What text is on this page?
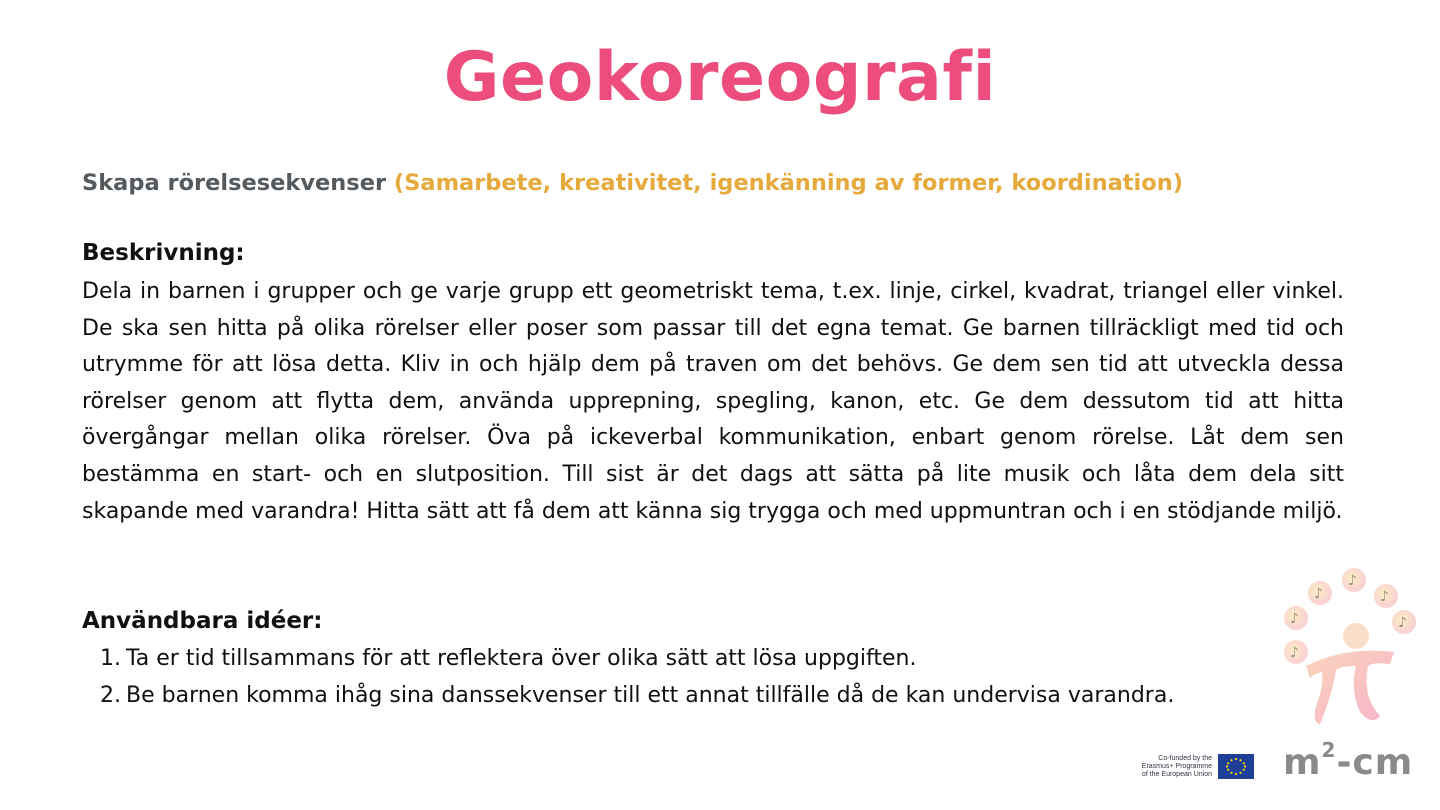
Geokoreografi
Skapa rörelsesekvenser (Samarbete, kreativitet, igenkänning av former, koordination)
Beskrivning:

Dela in barnen i grupper och ge varje grupp ett geometriskt tema, t.ex. linje, cirkel, kvadrat, triangel eller vinkel. De ska sen hitta på olika rörelser eller poser som passar till det egna temat. Ge barnen tillräckligt med tid och utrymme för att lösa detta. Kliv in och hjälp dem på traven om det behövs. Ge dem sen tid att utveckla dessa rörelser genom att flytta dem, använda upprepning, spegling, kanon, etc. Ge dem dessutom tid att hitta övergångar mellan olika rörelser. Öva på ickeverbal kommunikation, enbart genom rörelse. Låt dem sen bestämma en start- och en slutposition. Till sist är det dags att sätta på lite musik och låta dem dela sitt skapande med varandra! Hitta sätt att få dem att känna sig trygga och med uppmuntran och i en stödjande miljö.

Användbara idéer:
1. Ta er tid tillsammans för att reflektera över olika sätt att lösa uppgiften.
2. Be barnen komma ihåg sina danssekvenser till ett annat tillfälle då de kan undervisa varandra.
♪
♪
♪
♪
♪
♪
Co-funded by the
Erasmus+ Programme
of the European Union $m^2-cm$
